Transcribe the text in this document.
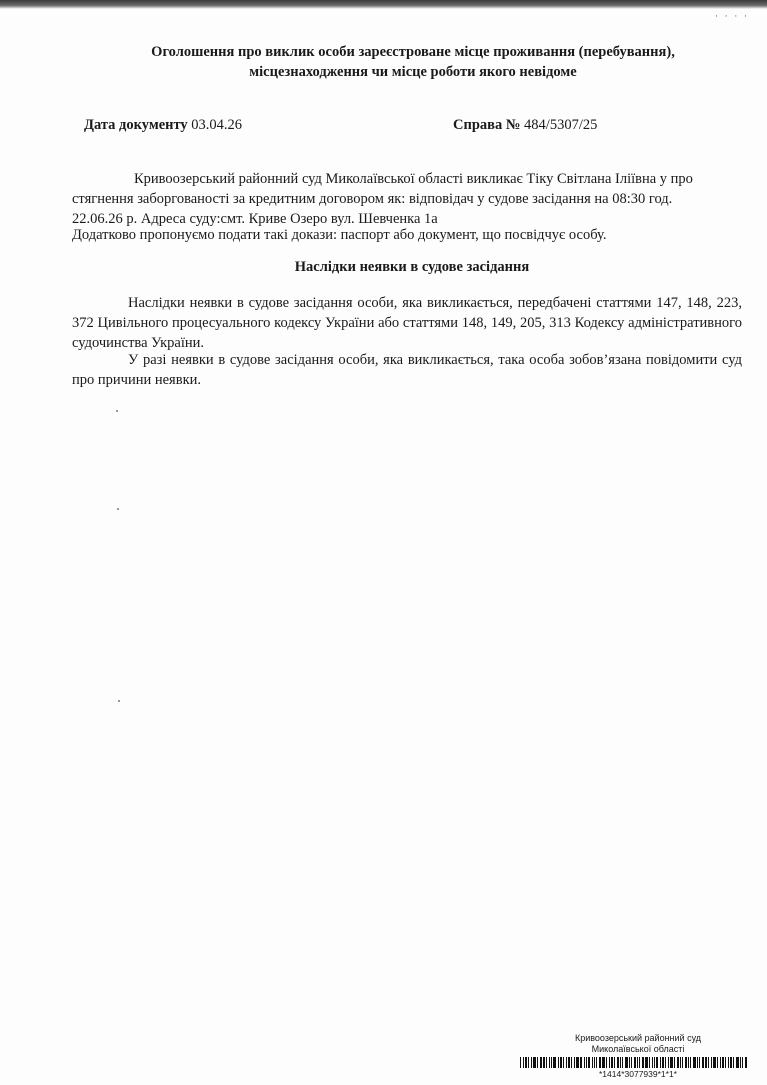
· · · ·
Оголошення про виклик особи зареєстроване місце проживання (перебування),
місцезнаходження чи місце роботи якого невідоме
Дата документу 03.04.26	Справа № 484/5307/25
Кривоозерський районний суд Миколаївської області викликає Тіку Світлана Іліївна у про
стягнення заборгованості за кредитним договором як: відповідач у судове засідання на 08:30 год.
22.06.26 р. Адреса суду:смт. Криве Озеро вул. Шевченка 1а
Додатково пропонуємо подати такі докази: паспорт або документ, що посвідчує особу.
Наслідки неявки в судове засідання
Наслідки неявки в судове засідання особи, яка викликається, передбачені статтями 147, 148, 223, 372 Цивільного процесуального кодексу України або статтями 148, 149, 205, 313 Кодексу адміністративного судочинства України.
У разі неявки в судове засідання особи, яка викликається, така особа зобов’язана повідомити суд про причини неявки.
Кривоозерський районний суд
Миколаївської області
*1414*3077939*1*1*
